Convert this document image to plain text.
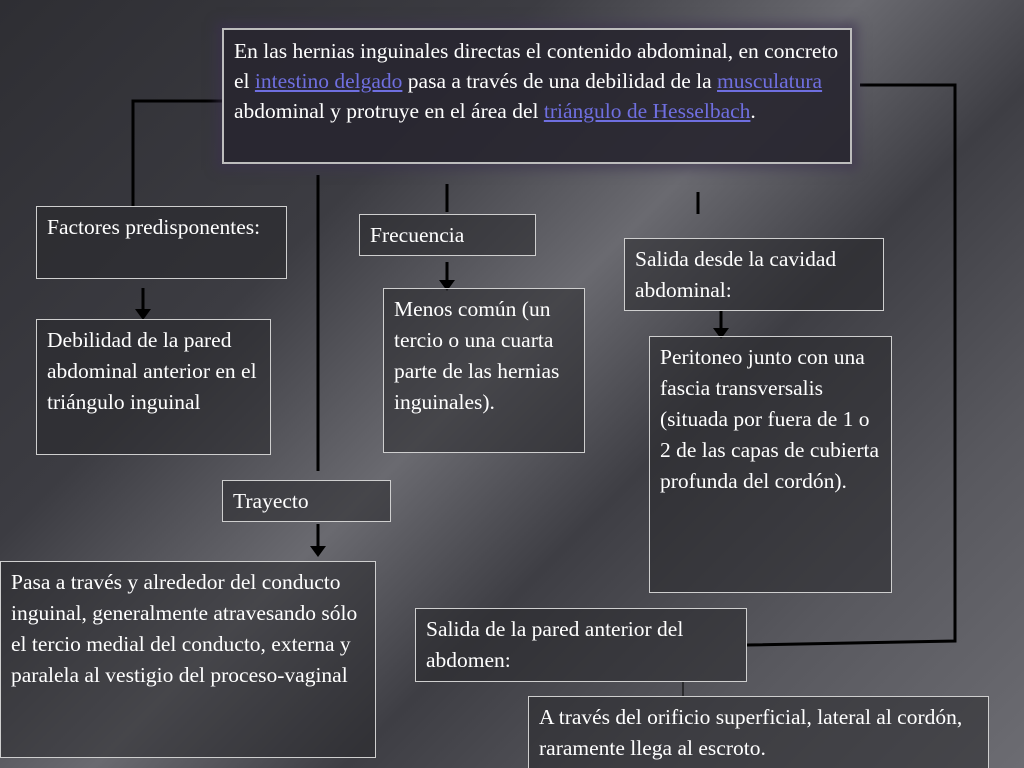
En las hernias inguinales directas el contenido abdominal, en concreto el intestino delgado pasa a través de una debilidad de la musculatura abdominal y protruye en el área del triángulo de Hesselbach.
Factores predisponentes:
Debilidad de la pared abdominal anterior en el triángulo inguinal
Frecuencia
Menos común (un tercio o una cuarta parte de las hernias inguinales).
Salida desde la cavidad abdominal:
Peritoneo junto con una fascia transversalis (situada por fuera de 1 o 2 de las capas de cubierta profunda del cordón).
Trayecto
Pasa a través y alrededor del conducto inguinal, generalmente atravesando sólo el tercio medial del conducto, externa y paralela al vestigio del proceso-vaginal
Salida de la pared anterior del abdomen:
A través del orificio superficial, lateral al cordón, raramente llega al escroto.
